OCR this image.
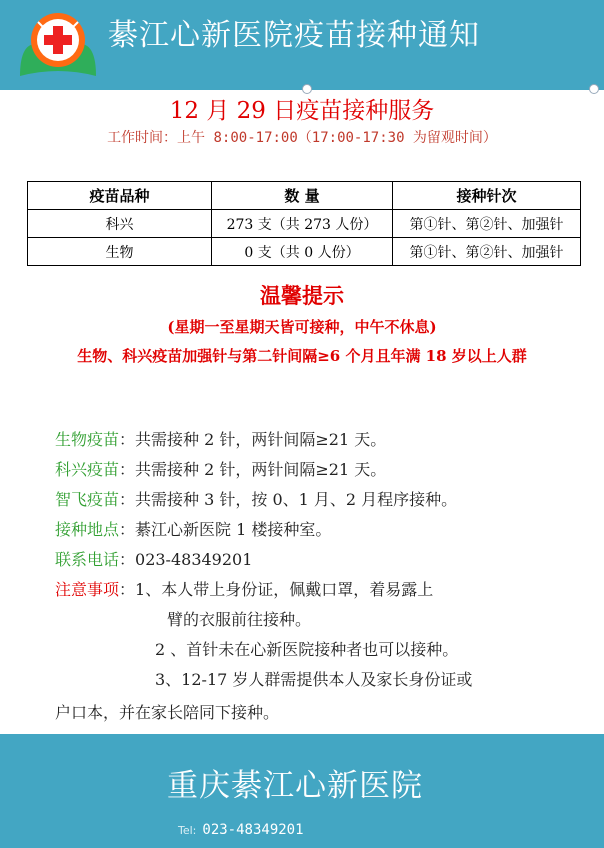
綦江心新医院疫苗接种通知
12 月 29 日疫苗接种服务
工作时间：上午 8:00-17:00（17:00-17:30 为留观时间）
疫苗品种	数 量	接种针次
科兴	273 支（共 273 人份）	第①针、第②针、加强针
生物	0 支（共 0 人份）	第①针、第②针、加强针
温馨提示
(星期一至星期天皆可接种，中午不休息)
生物、科兴疫苗加强针与第二针间隔≥6 个月且年满 18 岁以上人群
生物疫苗：共需接种 2 针，两针间隔≥21 天。
科兴疫苗：共需接种 2 针，两针间隔≥21 天。
智飞疫苗：共需接种 3 针，按 0、1 月、2 月程序接种。
接种地点：綦江心新医院 1 楼接种室。
联系电话：023-48349201
注意事项：1、本人带上身份证，佩戴口罩，着易露上
臂的衣服前往接种。
2 、首针未在心新医院接种者也可以接种。
3、12-17 岁人群需提供本人及家长身份证或
户口本，并在家长陪同下接种。
重庆綦江心新医院
Tel: 023-48349201
